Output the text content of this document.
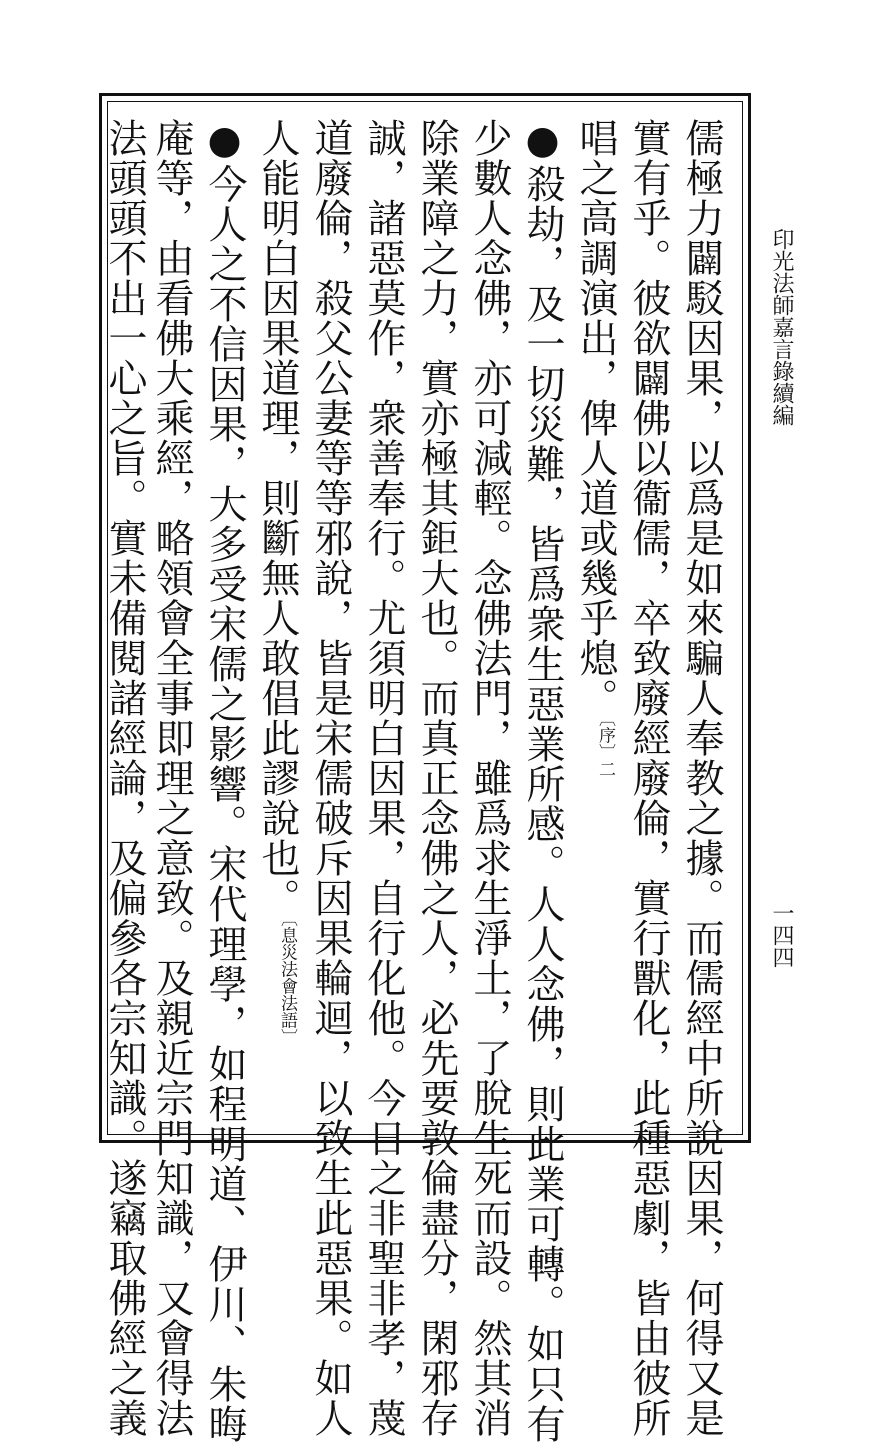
印光法師嘉言錄續編
一四四
儒極力闢駁因果，以爲是如來騙人奉教之據。而儒經中所說因果，何得又是
實有乎。彼欲闢佛以衞儒，卒致廢經廢倫，實行獸化，此種惡劇，皆由彼所
唱之高調演出，俾人道或幾乎熄。〔序〕二
●殺劫，及一切災難，皆爲衆生惡業所感。人人念佛，則此業可轉。如只有
少數人念佛，亦可減輕。念佛法門，雖爲求生淨土，了脫生死而設。然其消
除業障之力，實亦極其鉅大也。而真正念佛之人，必先要敦倫盡分，閑邪存
誠，諸惡莫作，衆善奉行。尤須明白因果，自行化他。今日之非聖非孝，蔑
道廢倫，殺父公妻等等邪說，皆是宋儒破斥因果輪迴，以致生此惡果。如人
人能明白因果道理，則斷無人敢倡此謬說也。〔息災法會法語〕
●今人之不信因果，大多受宋儒之影響。宋代理學，如程明道、伊川、朱晦
庵等，由看佛大乘經，略領會全事即理之意致。及親近宗門知識，又會得法
法頭頭不出一心之旨。實未備閱諸經論，及偏參各宗知識。遂竊取佛經之義
